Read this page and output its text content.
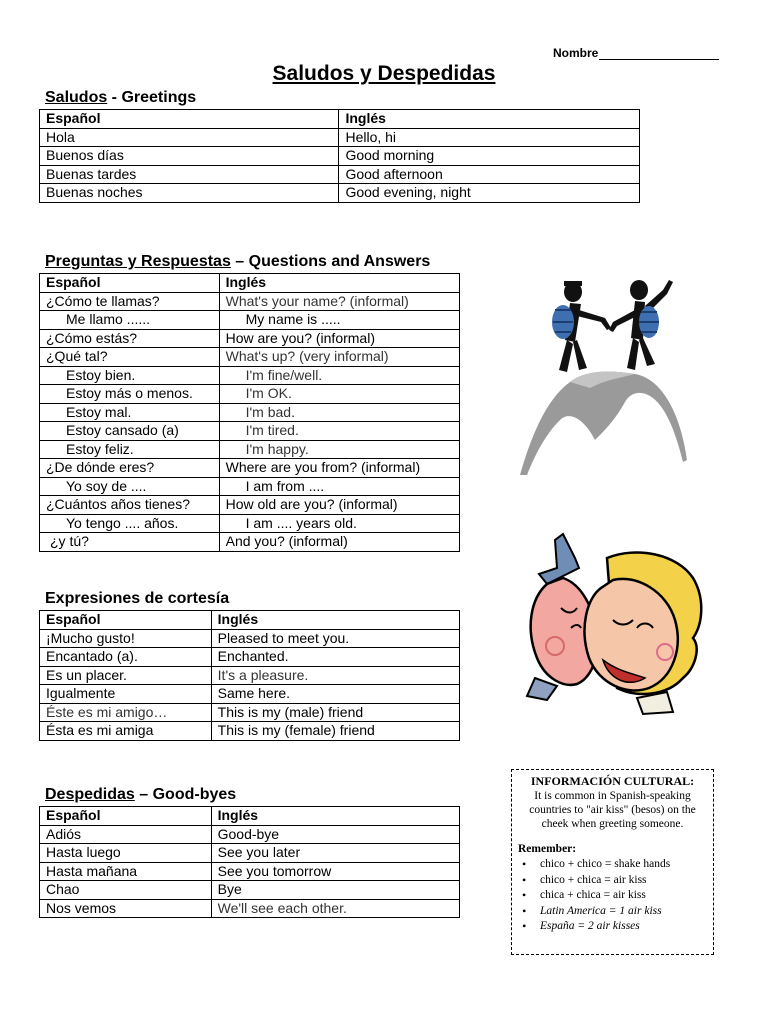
Nombre
Saludos y Despedidas
Saludos - Greetings
Español	Inglés
Hola	Hello, hi
Buenos días	Good morning
Buenas tardes	Good afternoon
Buenas noches	Good evening, night
Preguntas y Respuestas – Questions and Answers
Español	Inglés
¿Cómo te llamas?	What's your name? (informal)
Me llamo ......	My name is .....
¿Cómo estás?	How are you? (informal)
¿Qué tal?	What's up? (very informal)
Estoy bien.	I'm fine/well.
Estoy más o menos.	I'm OK.
Estoy mal.	I'm bad.
Estoy cansado (a)	I'm tired.
Estoy feliz.	I'm happy.
¿De dónde eres?	Where are you from? (informal)
Yo soy de ....	I am from ....
¿Cuántos años tienes?	How old are you? (informal)
Yo tengo .... años.	I am .... years old.
¿y tú?	And you? (informal)
Expresiones de cortesía
Español	Inglés
¡Mucho gusto!	Pleased to meet you.
Encantado (a).	Enchanted.
Es un placer.	It's a pleasure.
Igualmente	Same here.
Éste es mi amigo…	This is my (male) friend
Ésta es mi amiga	This is my (female) friend
Despedidas – Good-byes
Español	Inglés
Adiós	Good-bye
Hasta luego	See you later
Hasta mañana	See you tomorrow
Chao	Bye
Nos vemos	We'll see each other.
INFORMACIÓN CULTURAL:
It is common in Spanish-speaking countries to "air kiss" (besos) on the cheek when greeting someone.
Remember:
• chico + chico = shake hands
• chico + chica = air kiss
• chica + chica = air kiss
• Latin America = 1 air kiss
• España = 2 air kisses
